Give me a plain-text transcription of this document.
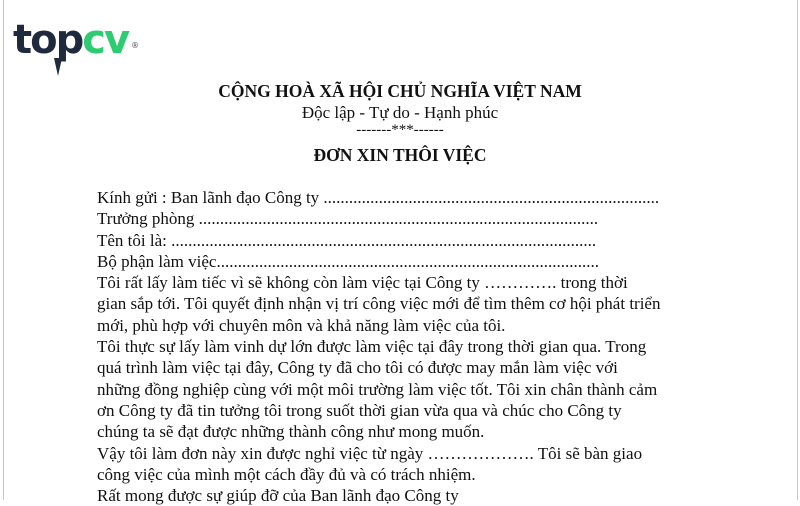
topcv ®
CỘNG HOÀ XÃ HỘI CHỦ NGHĨA VIỆT NAM
Độc lập - Tự do - Hạnh phúc
-------***------
ĐƠN XIN THÔI VIỆC
Kính gửi : Ban lãnh đạo Công ty ...............................................................................
Trưởng phòng ..............................................................................................
Tên tôi là: ....................................................................................................
Bộ phận làm việc..........................................................................................
Tôi rất lấy làm tiếc vì sẽ không còn làm việc tại Công ty …………. trong thời
gian sắp tới. Tôi quyết định nhận vị trí công việc mới để tìm thêm cơ hội phát triển
mới, phù hợp với chuyên môn và khả năng làm việc của tôi.
Tôi thực sự lấy làm vinh dự lớn được làm việc tại đây trong thời gian qua. Trong
quá trình làm việc tại đây, Công ty đã cho tôi có được may mắn làm việc với
những đồng nghiệp cùng với một môi trường làm việc tốt. Tôi xin chân thành cảm
ơn Công ty đã tin tưởng tôi trong suốt thời gian vừa qua và chúc cho Công ty
chúng ta sẽ đạt được những thành công như mong muốn.
Vậy tôi làm đơn này xin được nghỉ việc từ ngày ………………. Tôi sẽ bàn giao
công việc của mình một cách đầy đủ và có trách nhiệm.
Rất mong được sự giúp đỡ của Ban lãnh đạo Công ty
